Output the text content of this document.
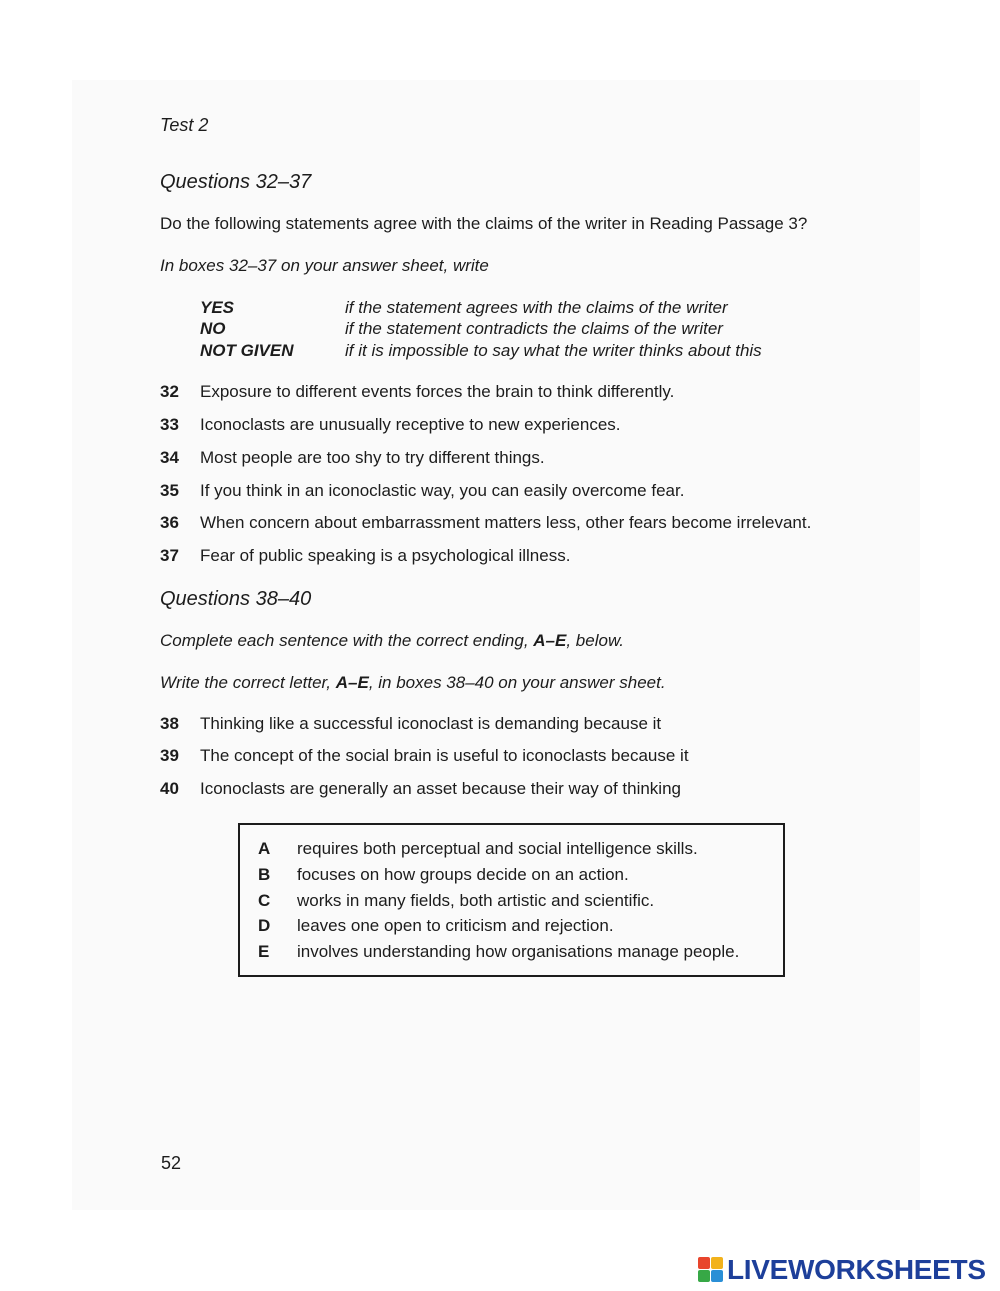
Test 2
Questions 32–37
Do the following statements agree with the claims of the writer in Reading Passage 3?
In boxes 32–37 on your answer sheet, write
YES	if the statement agrees with the claims of the writer
NO	if the statement contradicts the claims of the writer
NOT GIVEN	if it is impossible to say what the writer thinks about this
32 Exposure to different events forces the brain to think differently.
33 Iconoclasts are unusually receptive to new experiences.
34 Most people are too shy to try different things.
35 If you think in an iconoclastic way, you can easily overcome fear.
36 When concern about embarrassment matters less, other fears become irrelevant.
37 Fear of public speaking is a psychological illness.
Questions 38–40
Complete each sentence with the correct ending, A–E, below.
Write the correct letter, A–E, in boxes 38–40 on your answer sheet.
38 Thinking like a successful iconoclast is demanding because it
39 The concept of the social brain is useful to iconoclasts because it
40 Iconoclasts are generally an asset because their way of thinking
A requires both perceptual and social intelligence skills.
B focuses on how groups decide on an action.
C works in many fields, both artistic and scientific.
D leaves one open to criticism and rejection.
E involves understanding how organisations manage people.
52
LIVEWORKSHEETS
